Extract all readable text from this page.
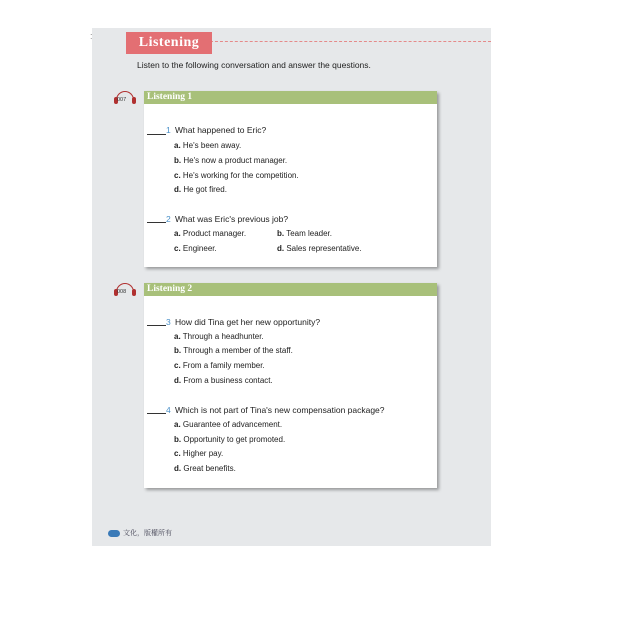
:	Listening
Listen to the following conversation and answer the questions.
007	Listening 1
1 What happened to Eric?
a. He's been away.
b. He's now a product manager.
c. He's working for the competition.
d. He got fired.
2 What was Eric's previous job?
a. Product manager.	b. Team leader.
c. Engineer.	d. Sales representative.
008	Listening 2
3 How did Tina get her new opportunity?
a. Through a headhunter.
b. Through a member of the staff.
c. From a family member.
d. From a business contact.
4 Which is not part of Tina's new compensation package?
a. Guarantee of advancement.
b. Opportunity to get promoted.
c. Higher pay.
d. Great benefits.
文化，版權所有
